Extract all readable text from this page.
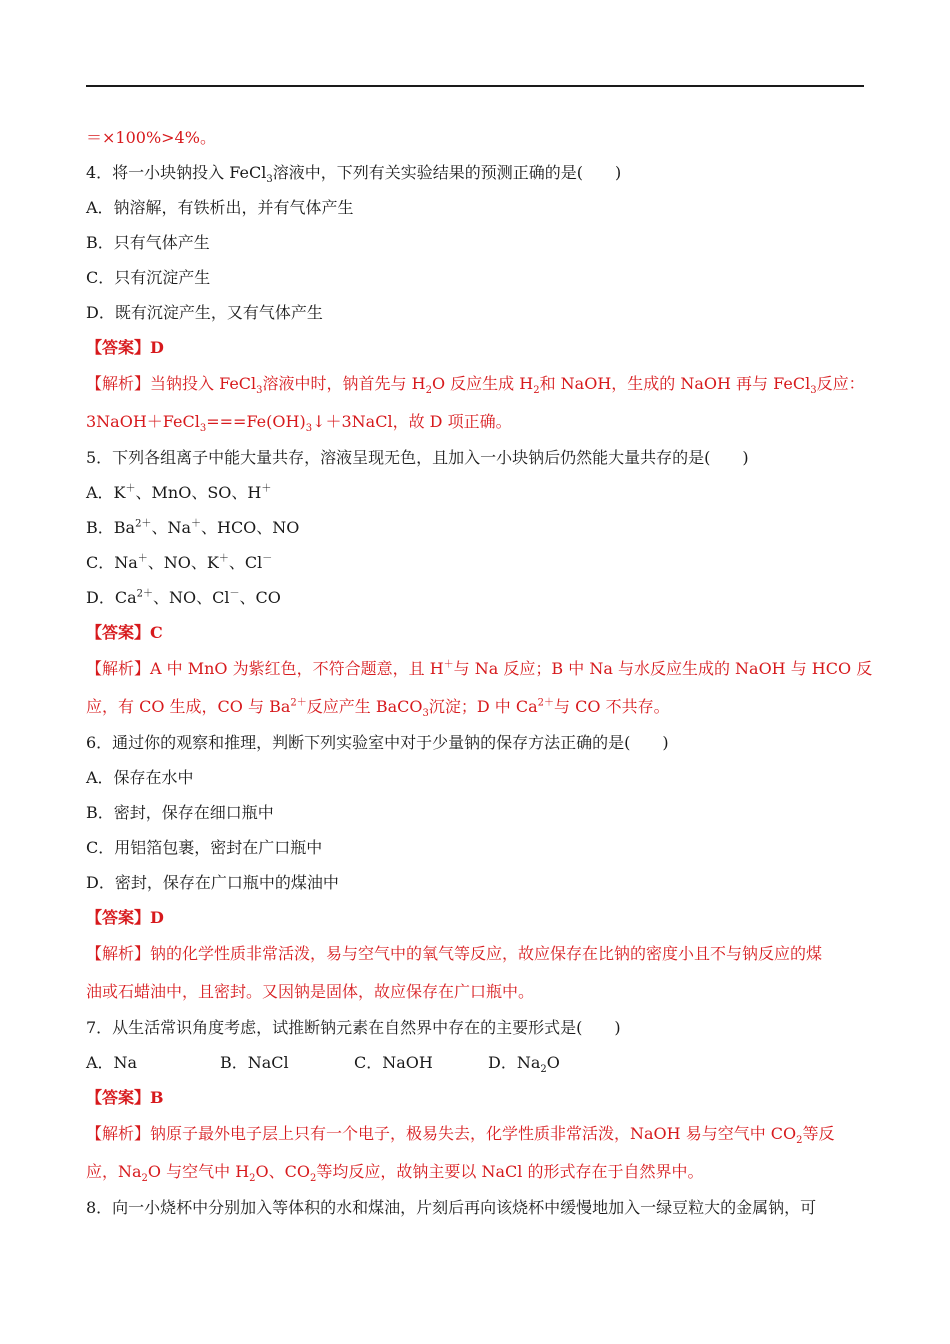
＝×100%>4%。
4．将一小块钠投入 FeCl$_3$溶液中，下列有关实验结果的预测正确的是(　　)
A．钠溶解，有铁析出，并有气体产生
B．只有气体产生
C．只有沉淀产生
D．既有沉淀产生，又有气体产生
【答案】D
【解析】当钠投入 FeCl$_3$溶液中时，钠首先与 $H_2O$ 反应生成 $H_2$和 NaOH，生成的 NaOH 再与 FeCl$_3$反应：
$3NaOH+FeCl_3===Fe(OH)_3↓+3NaCl$，故 D 项正确。
5．下列各组离子中能大量共存，溶液呈现无色，且加入一小块钠后仍然能大量共存的是(　　)
A．K＋、MnO、SO、H＋
B．$Ba^{2+}$、Na＋、HCO、NO
C．Na＋、NO、K＋、Cl－
D．$Ca^{2+}$、NO、Cl－、CO
【答案】C
【解析】A 中 MnO 为紫红色，不符合题意，且 H＋与 Na 反应；B 中 Na 与水反应生成的 NaOH 与 HCO 反
应，有 CO 生成，CO 与 $Ba^{2+}$反应产生 BaCO$_3$沉淀；D 中 $Ca^{2+}$与 CO 不共存。
6．通过你的观察和推理，判断下列实验室中对于少量钠的保存方法正确的是(　　)
A．保存在水中
B．密封，保存在细口瓶中
C．用铝箔包裹，密封在广口瓶中
D．密封，保存在广口瓶中的煤油中
【答案】D
【解析】钠的化学性质非常活泼，易与空气中的氧气等反应，故应保存在比钠的密度小且不与钠反应的煤
油或石蜡油中，且密封。又因钠是固体，故应保存在广口瓶中。
7．从生活常识角度考虑，试推断钠元素在自然界中存在的主要形式是(　　)
A．Na	B．NaCl	C．NaOH	D．$Na_2O$
【答案】B
【解析】钠原子最外电子层上只有一个电子，极易失去，化学性质非常活泼，NaOH 易与空气中 $CO_2$等反
应，$Na_2O$ 与空气中 $H_2O$、$CO_2$等均反应，故钠主要以 NaCl 的形式存在于自然界中。
8．向一小烧杯中分别加入等体积的水和煤油，片刻后再向该烧杯中缓慢地加入一绿豆粒大的金属钠，可
